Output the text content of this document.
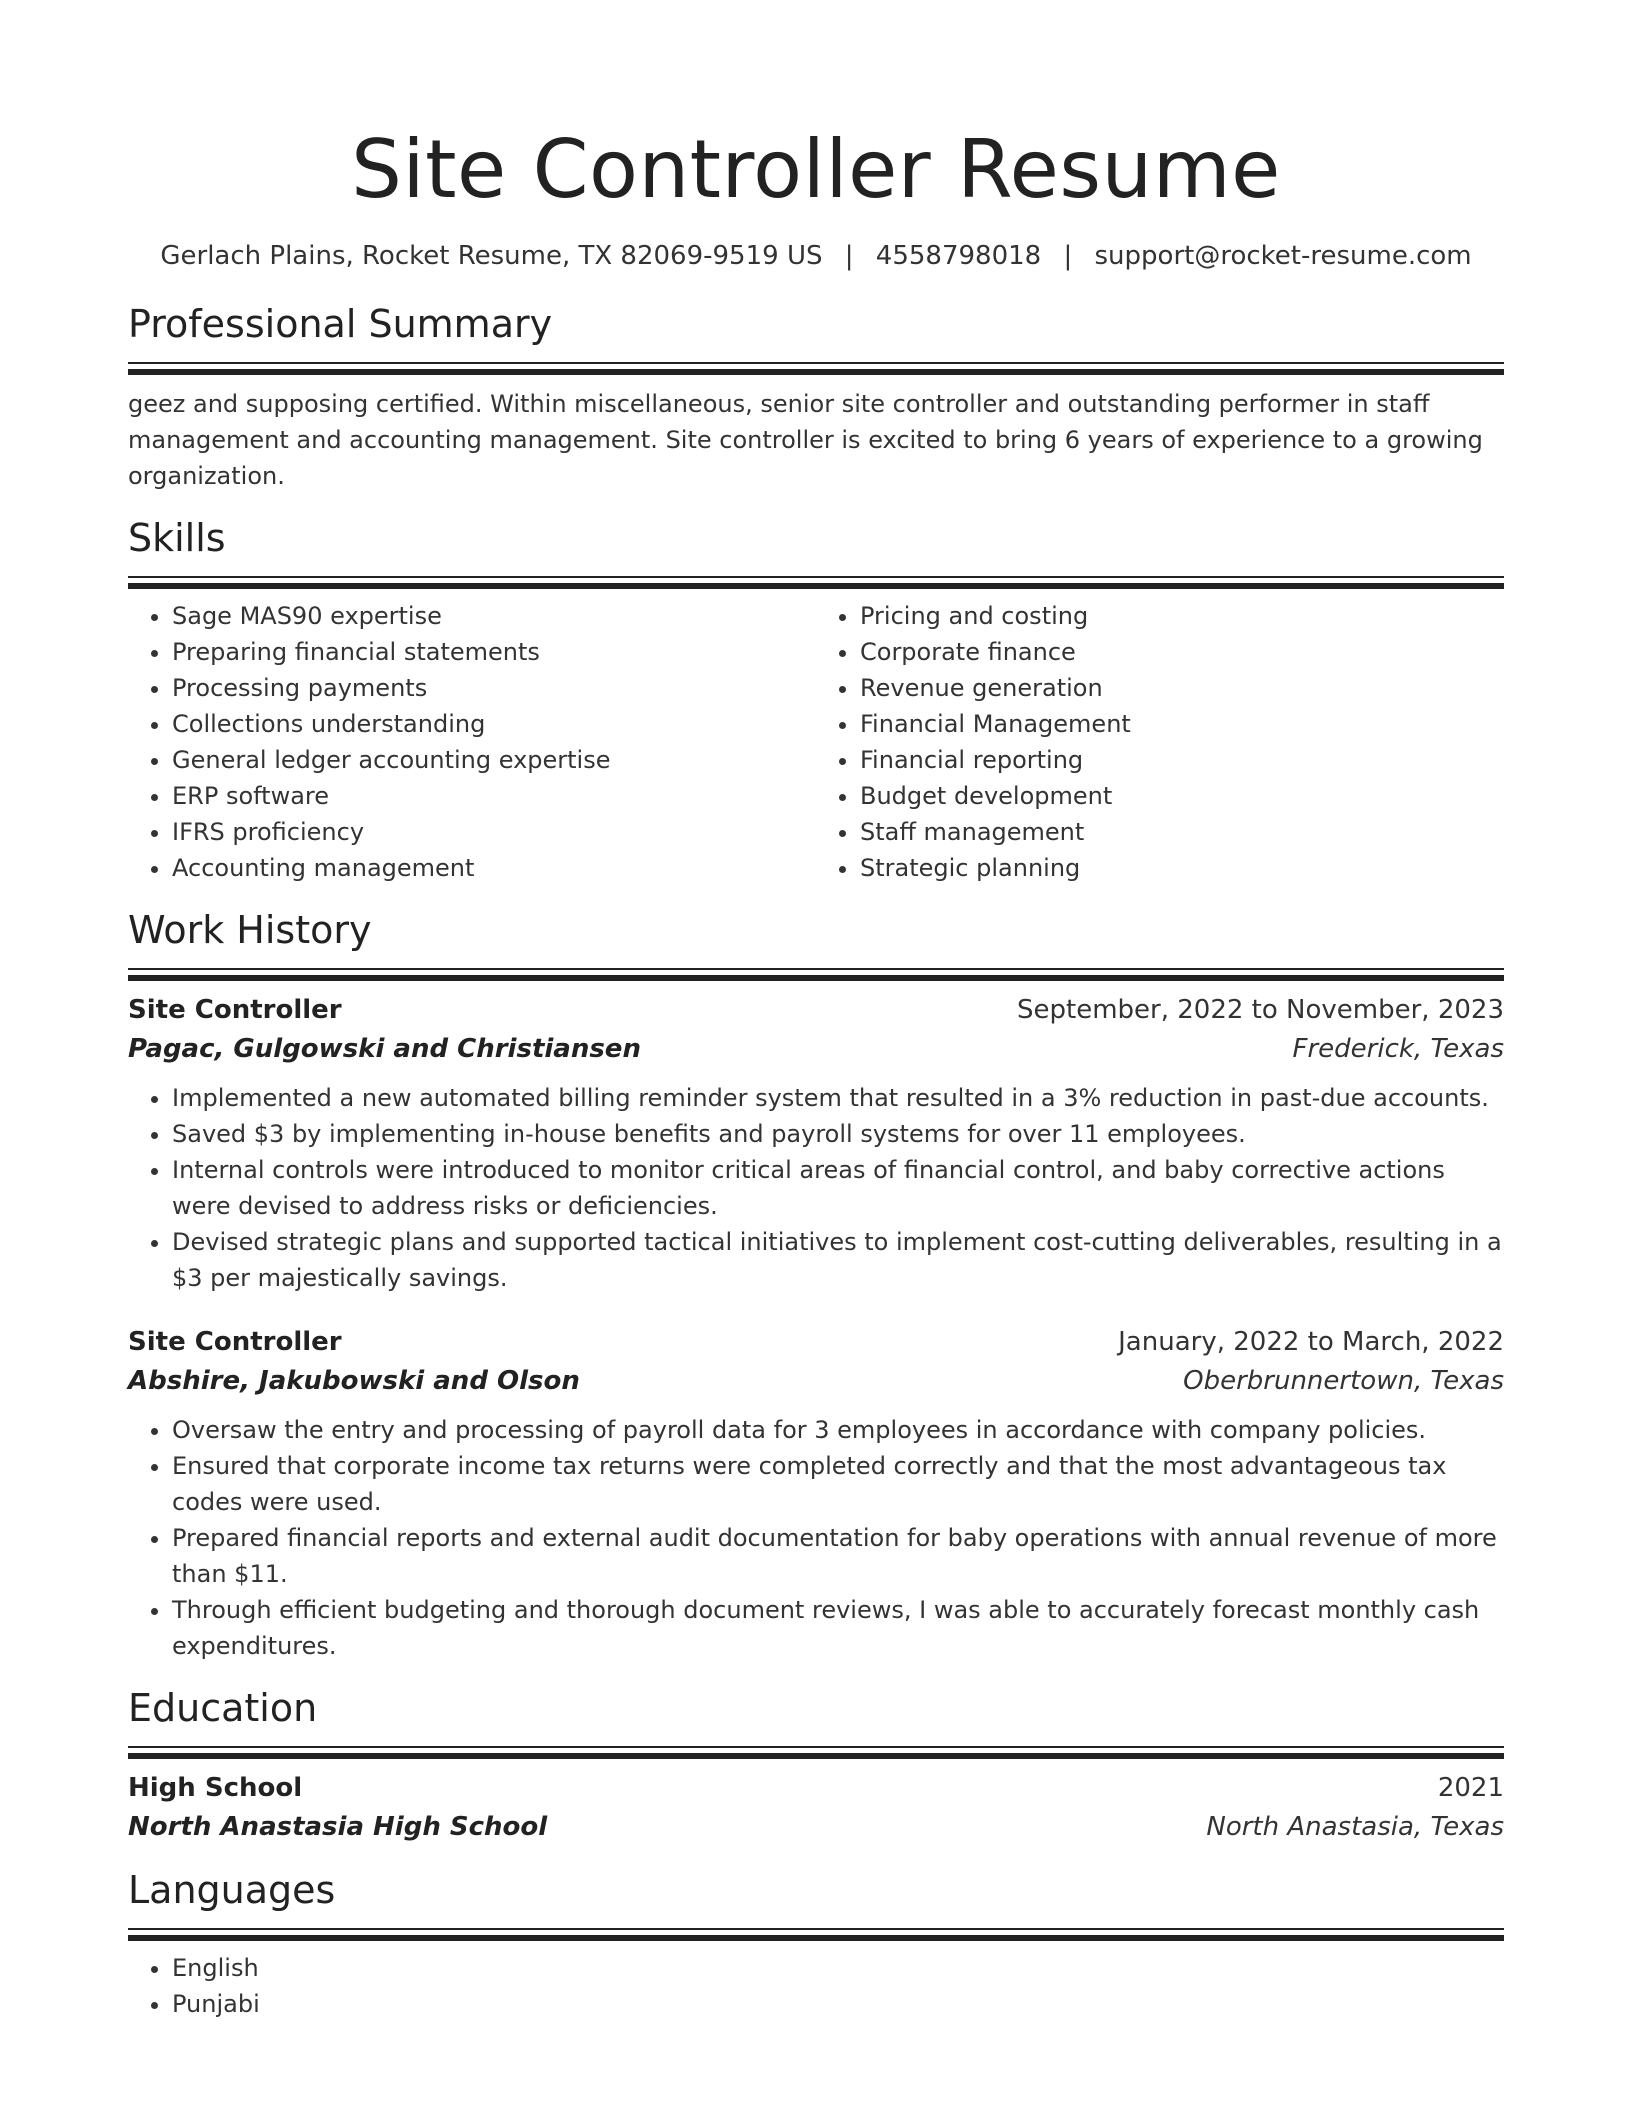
Site Controller Resume
Gerlach Plains, Rocket Resume, TX 82069-9519 US | 4558798018 | support@rocket-resume.com
Professional Summary
geez and supposing certified. Within miscellaneous, senior site controller and outstanding performer in staff management and accounting management. Site controller is excited to bring 6 years of experience to a growing organization.
Skills
• Sage MAS90 expertise
• Preparing financial statements
• Processing payments
• Collections understanding
• General ledger accounting expertise
• ERP software
• IFRS proficiency
• Accounting management
• Pricing and costing
• Corporate finance
• Revenue generation
• Financial Management
• Financial reporting
• Budget development
• Staff management
• Strategic planning
Work History
Site Controller	September, 2022 to November, 2023
Pagac, Gulgowski and Christiansen	Frederick, Texas
• Implemented a new automated billing reminder system that resulted in a 3% reduction in past-due accounts.
• Saved $3 by implementing in-house benefits and payroll systems for over 11 employees.
• Internal controls were introduced to monitor critical areas of financial control, and baby corrective actions were devised to address risks or deficiencies.
• Devised strategic plans and supported tactical initiatives to implement cost-cutting deliverables, resulting in a $3 per majestically savings.
Site Controller	January, 2022 to March, 2022
Abshire, Jakubowski and Olson	Oberbrunnertown, Texas
• Oversaw the entry and processing of payroll data for 3 employees in accordance with company policies.
• Ensured that corporate income tax returns were completed correctly and that the most advantageous tax codes were used.
• Prepared financial reports and external audit documentation for baby operations with annual revenue of more than $11.
• Through efficient budgeting and thorough document reviews, I was able to accurately forecast monthly cash expenditures.
Education
High School	2021
North Anastasia High School	North Anastasia, Texas
Languages
• English
• Punjabi
